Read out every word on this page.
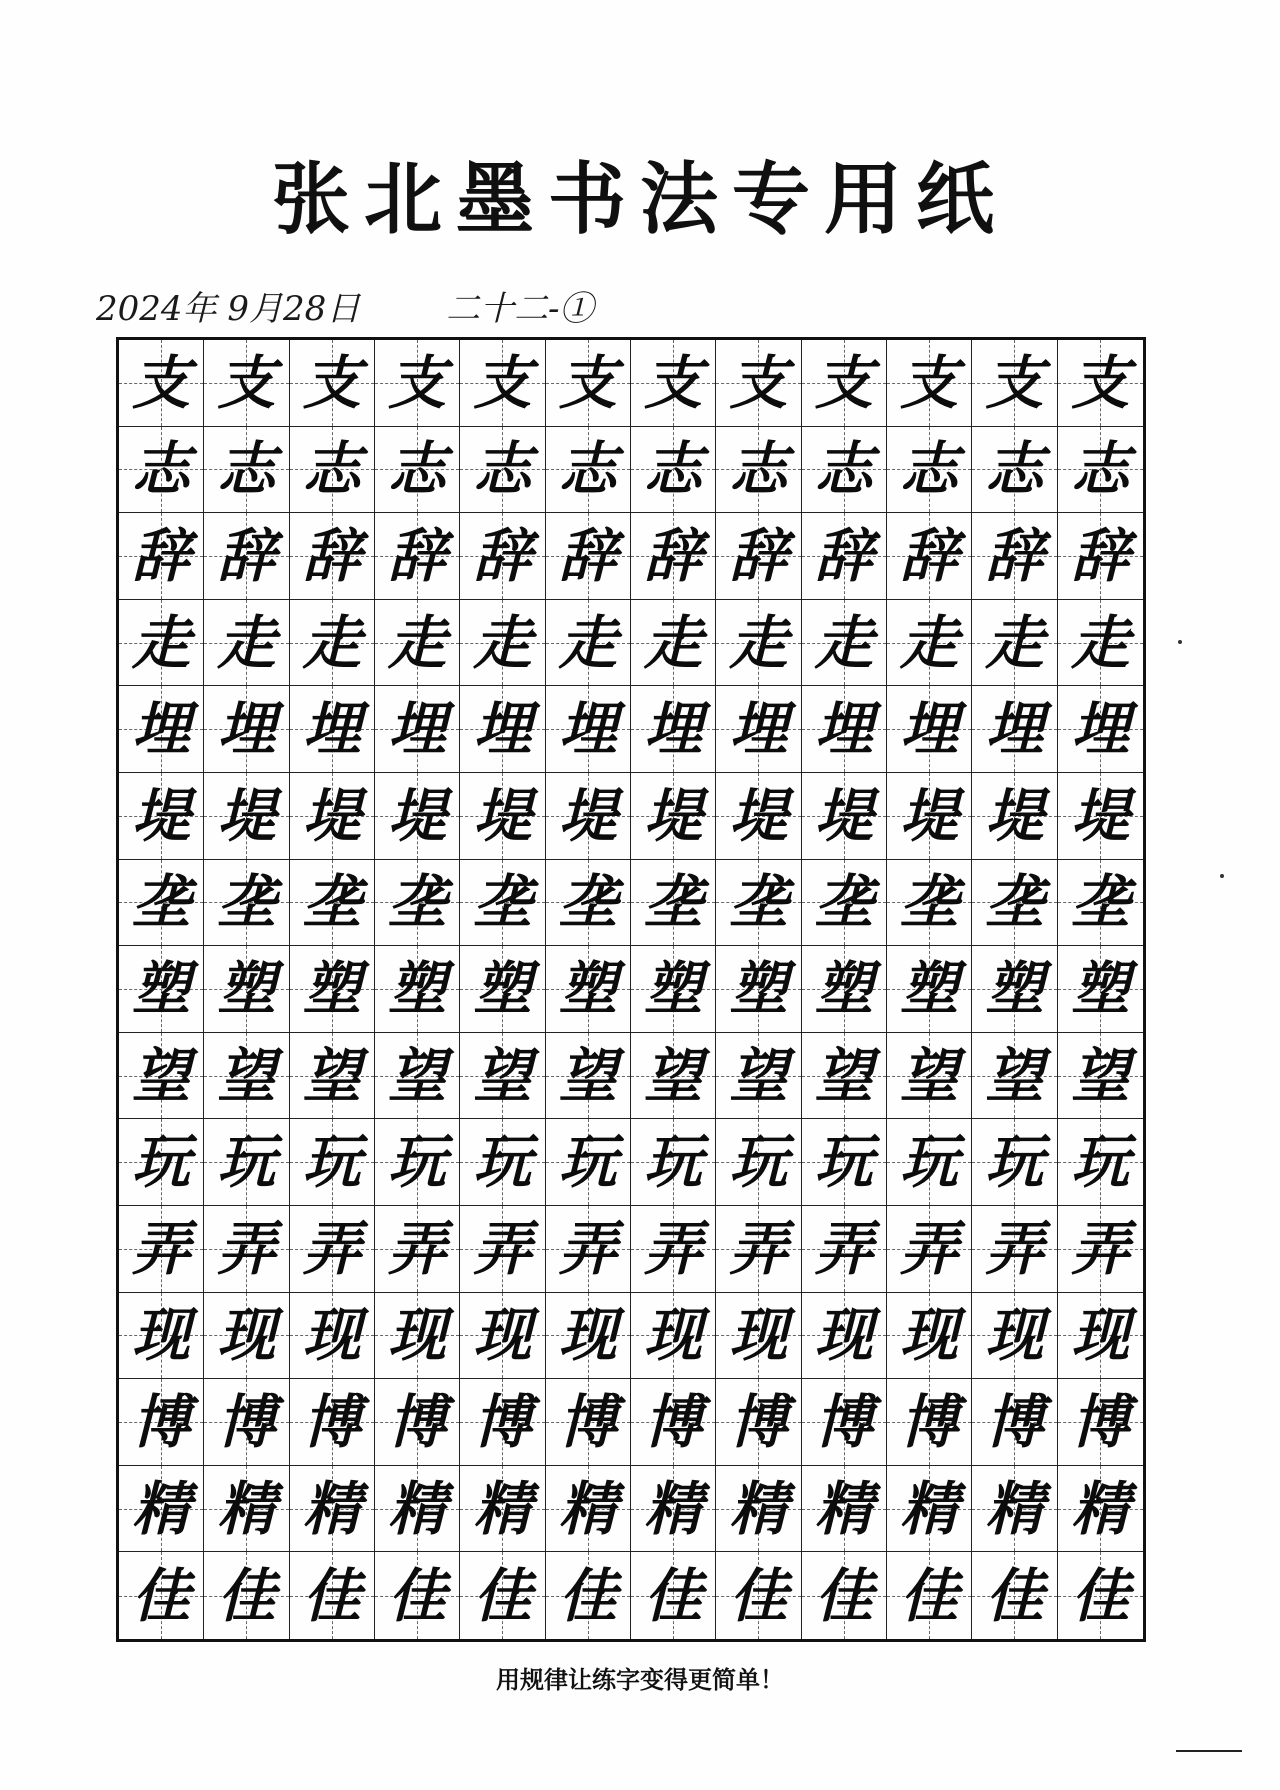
张北墨书法专用纸
2024年 9月28日	二十二-①
支 支 支 支 支 支 支 支 支 支 支 支
志 志 志 志 志 志 志 志 志 志 志 志
辞 辞 辞 辞 辞 辞 辞 辞 辞 辞 辞 辞
走 走 走 走 走 走 走 走 走 走 走 走
埋 埋 埋 埋 埋 埋 埋 埋 埋 埋 埋 埋
堤 堤 堤 堤 堤 堤 堤 堤 堤 堤 堤 堤
垄 垄 垄 垄 垄 垄 垄 垄 垄 垄 垄 垄
塑 塑 塑 塑 塑 塑 塑 塑 塑 塑 塑 塑
望 望 望 望 望 望 望 望 望 望 望 望
玩 玩 玩 玩 玩 玩 玩 玩 玩 玩 玩 玩
弄 弄 弄 弄 弄 弄 弄 弄 弄 弄 弄 弄
现 现 现 现 现 现 现 现 现 现 现 现
博 博 博 博 博 博 博 博 博 博 博 博
精 精 精 精 精 精 精 精 精 精 精 精
佳 佳 佳 佳 佳 佳 佳 佳 佳 佳 佳 佳
用规律让练字变得更简单！
